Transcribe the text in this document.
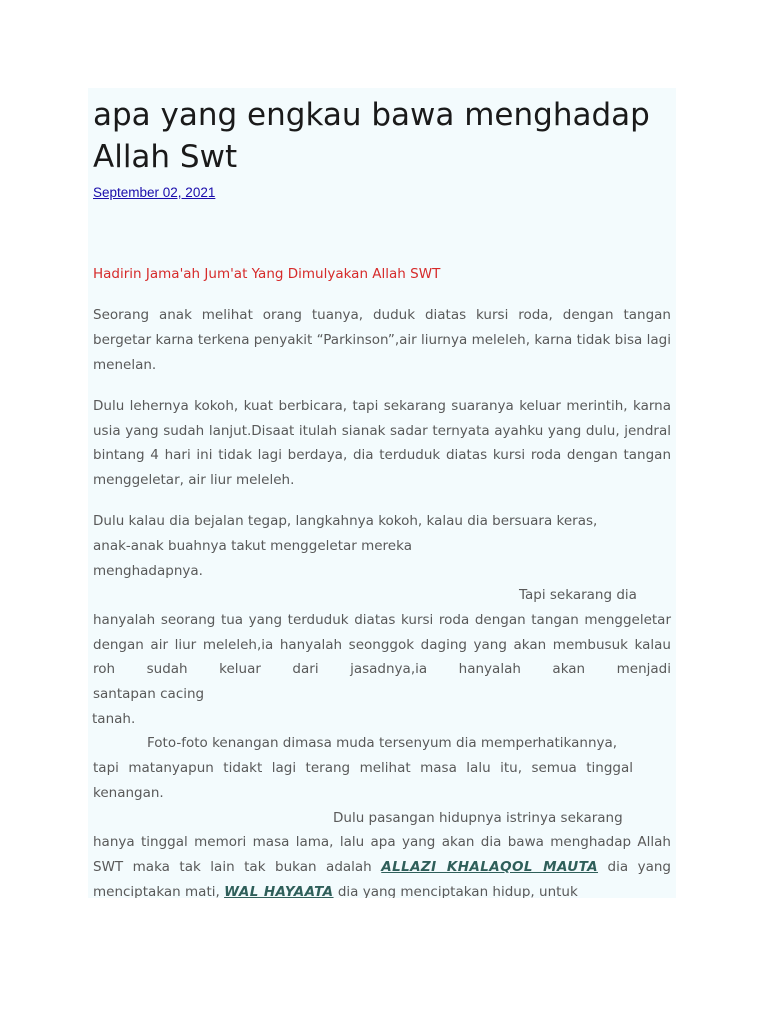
apa yang engkau bawa menghadap Allah Swt
September 02, 2021

Hadirin Jama'ah Jum'at Yang Dimulyakan Allah SWT

Seorang anak melihat orang tuanya, duduk diatas kursi roda, dengan tangan bergetar karna terkena penyakit “Parkinson”,air liurnya meleleh, karna tidak bisa lagi menelan.

Dulu lehernya kokoh, kuat berbicara, tapi sekarang suaranya keluar merintih, karna usia yang sudah lanjut.Disaat itulah sianak sadar ternyata ayahku yang dulu, jendral bintang 4 hari ini tidak lagi berdaya, dia terduduk diatas kursi roda dengan tangan menggeletar, air liur meleleh.

Dulu kalau dia bejalan tegap, langkahnya kokoh, kalau dia bersuara keras,
anak-anak buahnya takut menggeletar mereka
menghadapnya.

Tapi sekarang dia
hanyalah seorang tua yang terduduk diatas kursi roda dengan tangan menggeletar dengan air liur meleleh,ia hanyalah seonggok daging yang akan membusuk kalau roh sudah keluar dari jasadnya,ia hanyalah akan menjadi
santapan cacing
tanah.
Foto-foto kenangan dimasa muda tersenyum dia memperhatikannya,
tapi matanyapun tidakt lagi terang melihat masa lalu itu, semua tinggal kenangan.
Dulu pasangan hidupnya istrinya sekarang
hanya tinggal memori masa lama, lalu apa yang akan dia bawa menghadap Allah SWT maka tak lain tak bukan adalah ALLAZI KHALAQOL MAUTA dia yang menciptakan mati, WAL HAYAATA dia yang menciptakan hidup, untuk
